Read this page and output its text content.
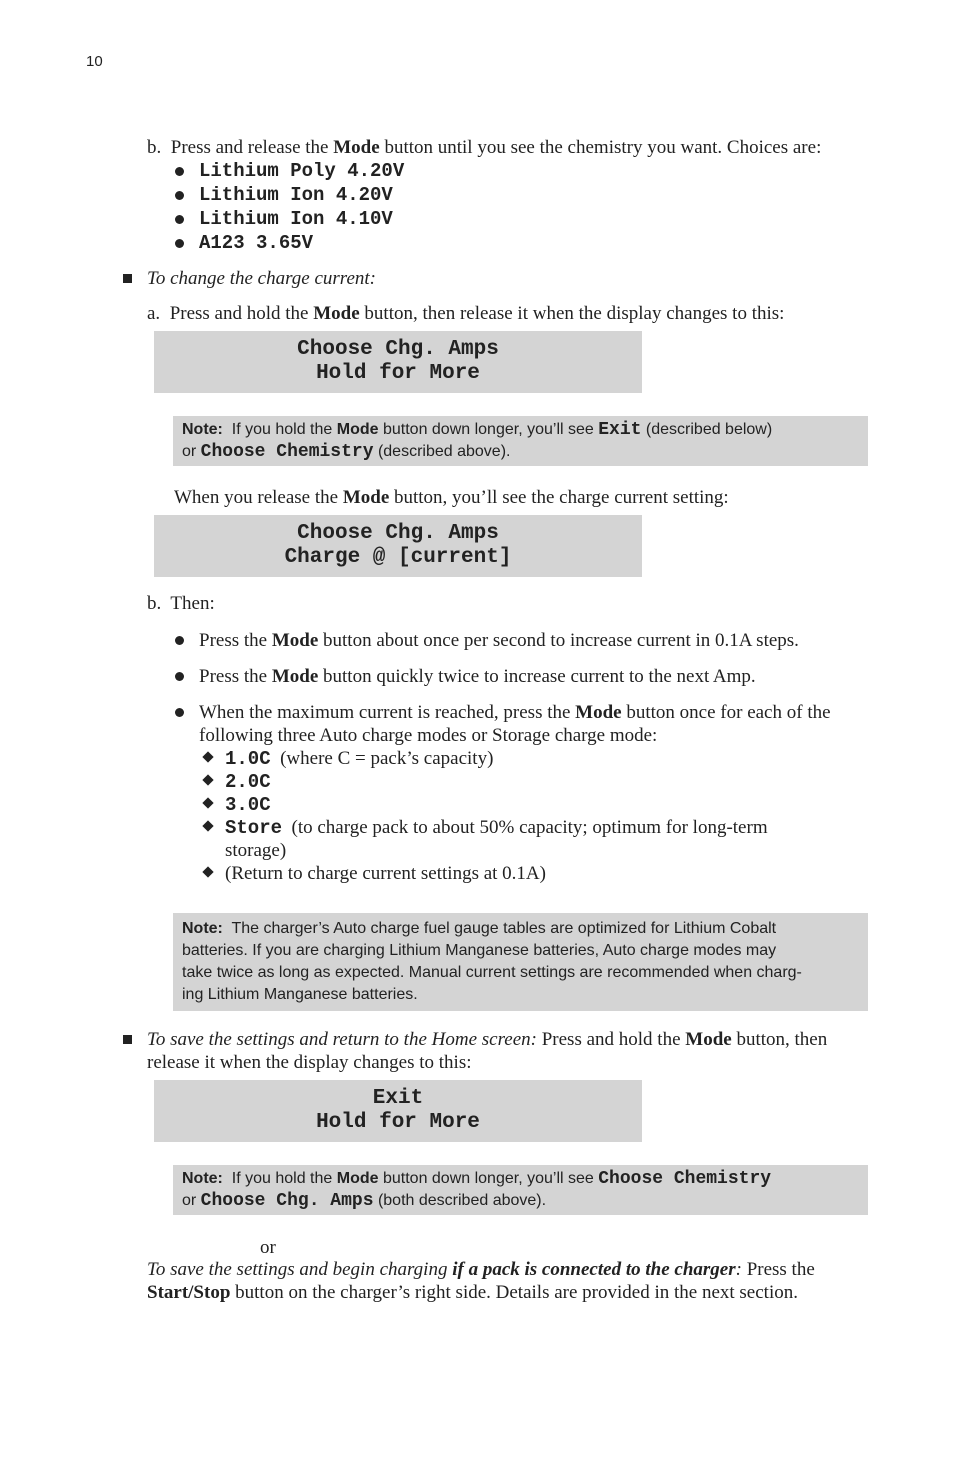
10
b. Press and release the Mode button until you see the chemistry you want. Choices are:
Lithium Poly 4.20V
Lithium Ion 4.20V
Lithium Ion 4.10V
A123 3.65V
To change the charge current:
a. Press and hold the Mode button, then release it when the display changes to this:
Choose Chg. Amps
Hold for More
Note: If you hold the Mode button down longer, you’ll see Exit (described below)
or Choose Chemistry (described above).
When you release the Mode button, you’ll see the charge current setting:
Choose Chg. Amps
Charge @ [current]
b. Then:
Press the Mode button about once per second to increase current in 0.1A steps.
Press the Mode button quickly twice to increase current to the next Amp.
When the maximum current is reached, press the Mode button once for each of the
following three Auto charge modes or Storage charge mode:
1.0C (where C = pack’s capacity)
2.0C
3.0C
Store (to charge pack to about 50% capacity; optimum for long-term
storage)
(Return to charge current settings at 0.1A)
Note: The charger’s Auto charge fuel gauge tables are optimized for Lithium Cobalt
batteries. If you are charging Lithium Manganese batteries, Auto charge modes may
take twice as long as expected. Manual current settings are recommended when charg-
ing Lithium Manganese batteries.
To save the settings and return to the Home screen: Press and hold the Mode button, then
release it when the display changes to this:
Exit
Hold for More
Note: If you hold the Mode button down longer, you’ll see Choose Chemistry
or Choose Chg. Amps (both described above).
or
To save the settings and begin charging if a pack is connected to the charger: Press the
Start/Stop button on the charger’s right side. Details are provided in the next section.
